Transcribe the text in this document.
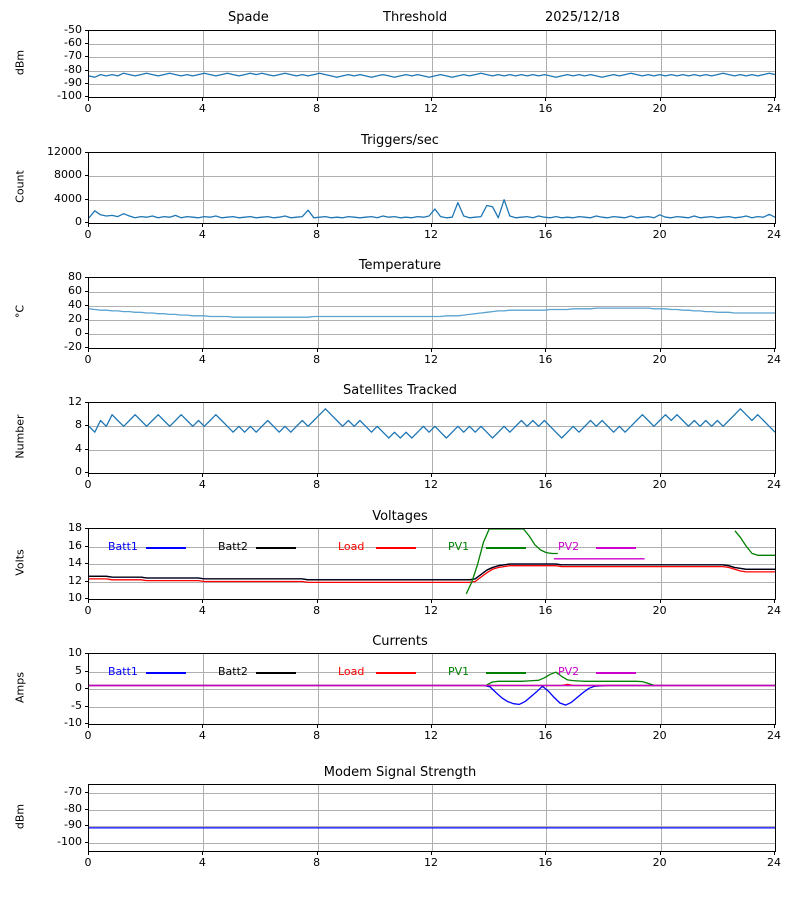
Spade	Threshold	2025/12/18
-100
-90
-80
-70
-60
-50
0	4	8	12	16	20	24
dBm
Triggers/sec
0
4000
8000
12000
0	4	8	12	16	20	24
Count
Temperature
-20
0
20
40
60
80
0	4	8	12	16	20	24
°C
Satellites Tracked
0
4
8
12
0	4	8	12	16	20	24
Number
Voltages
10
12
14
16
18
0	4	8	12	16	20	24
Volts
Batt1	Batt2	Load	PV1	PV2
Currents
-10
-5
0
5
10
0	4	8	12	16	20	24
Amps
Batt1	Batt2	Load	PV1	PV2
Modem Signal Strength
-100
-90
-80
-70
0	4	8	12	16	20	24
dBm
